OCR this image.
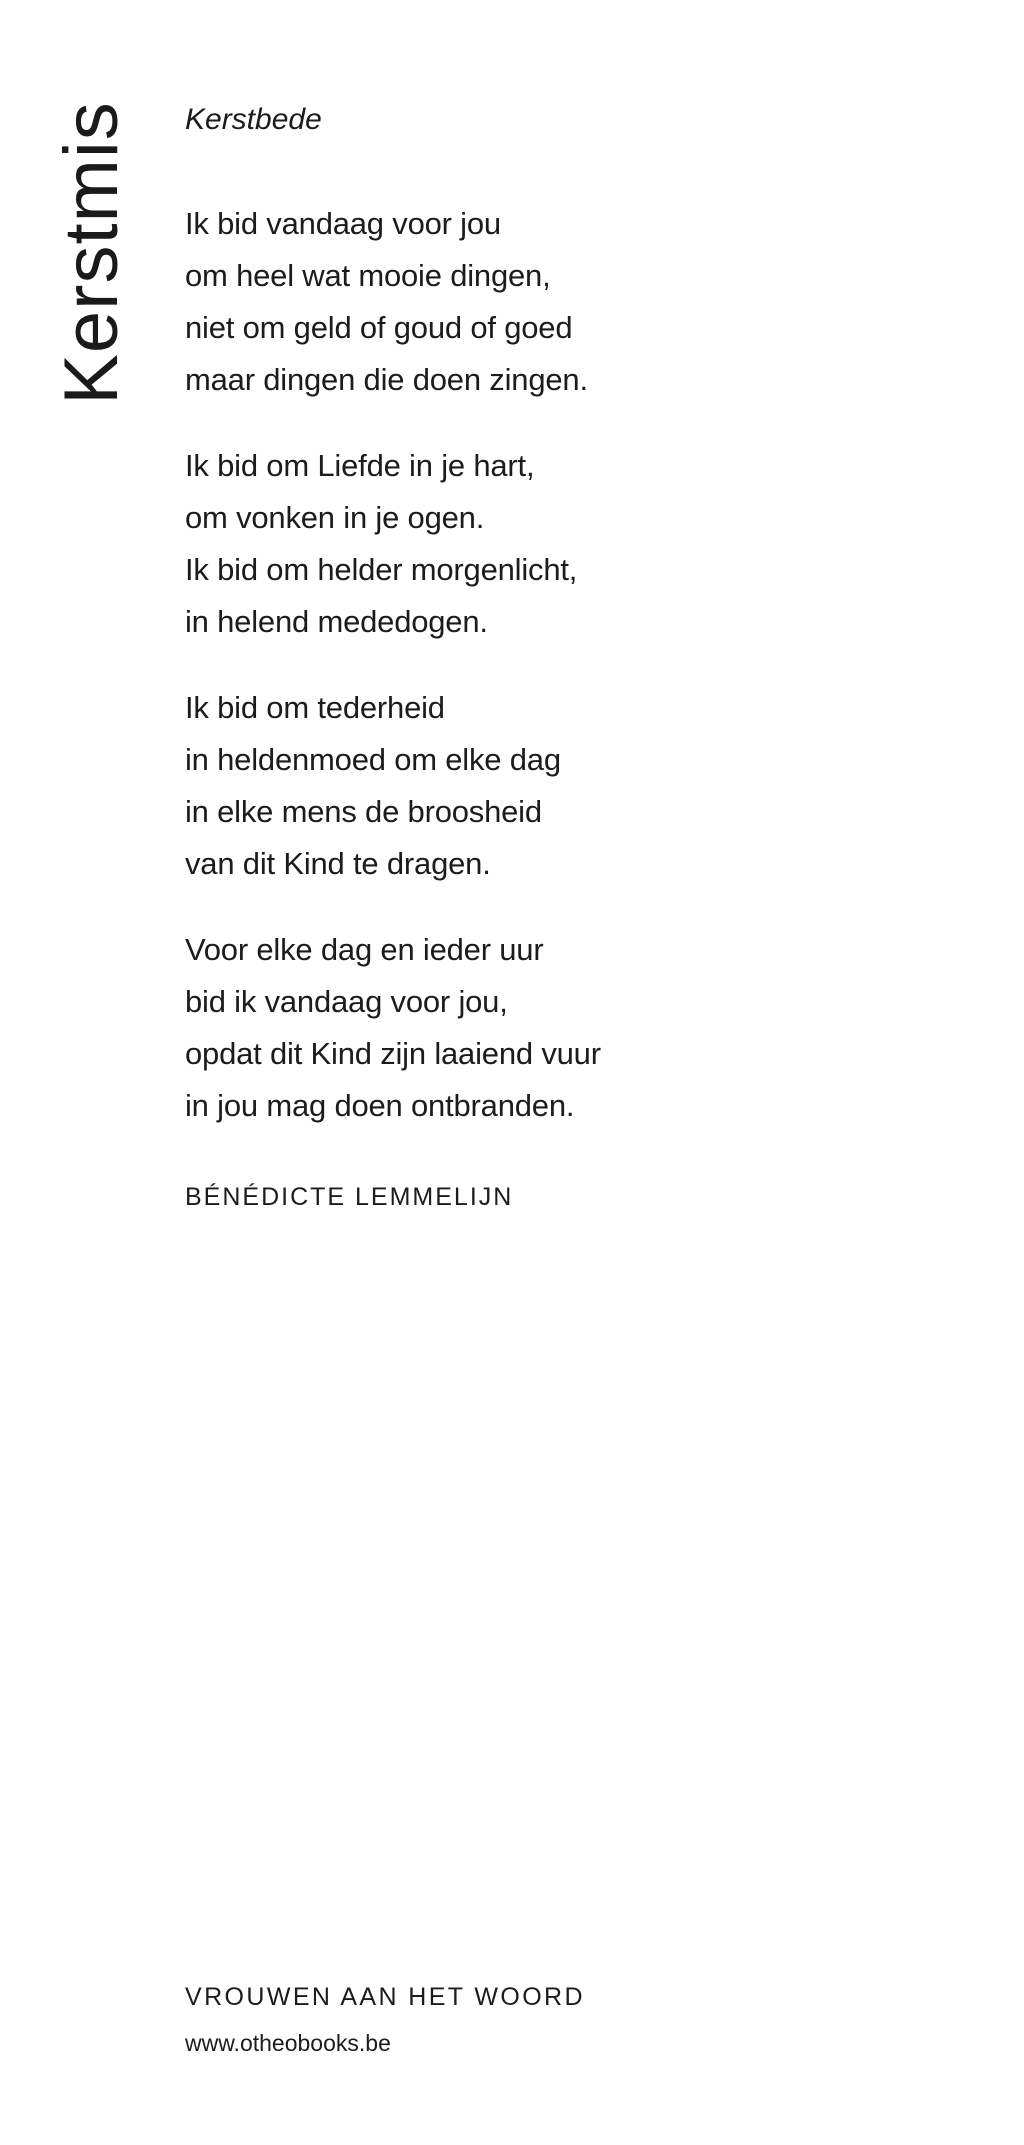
Kerstmis Kerstbede
Ik bid vandaag voor jou
om heel wat mooie dingen,
niet om geld of goud of goed
maar dingen die doen zingen.
Ik bid om Liefde in je hart,
om vonken in je ogen.
Ik bid om helder morgenlicht,
in helend mededogen.
Ik bid om tederheid
in heldenmoed om elke dag
in elke mens de broosheid
van dit Kind te dragen.
Voor elke dag en ieder uur
bid ik vandaag voor jou,
opdat dit Kind zijn laaiend vuur
in jou mag doen ontbranden.
BÉNÉDICTE LEMMELIJN
VROUWEN AAN HET WOORD
www.otheobooks.be
